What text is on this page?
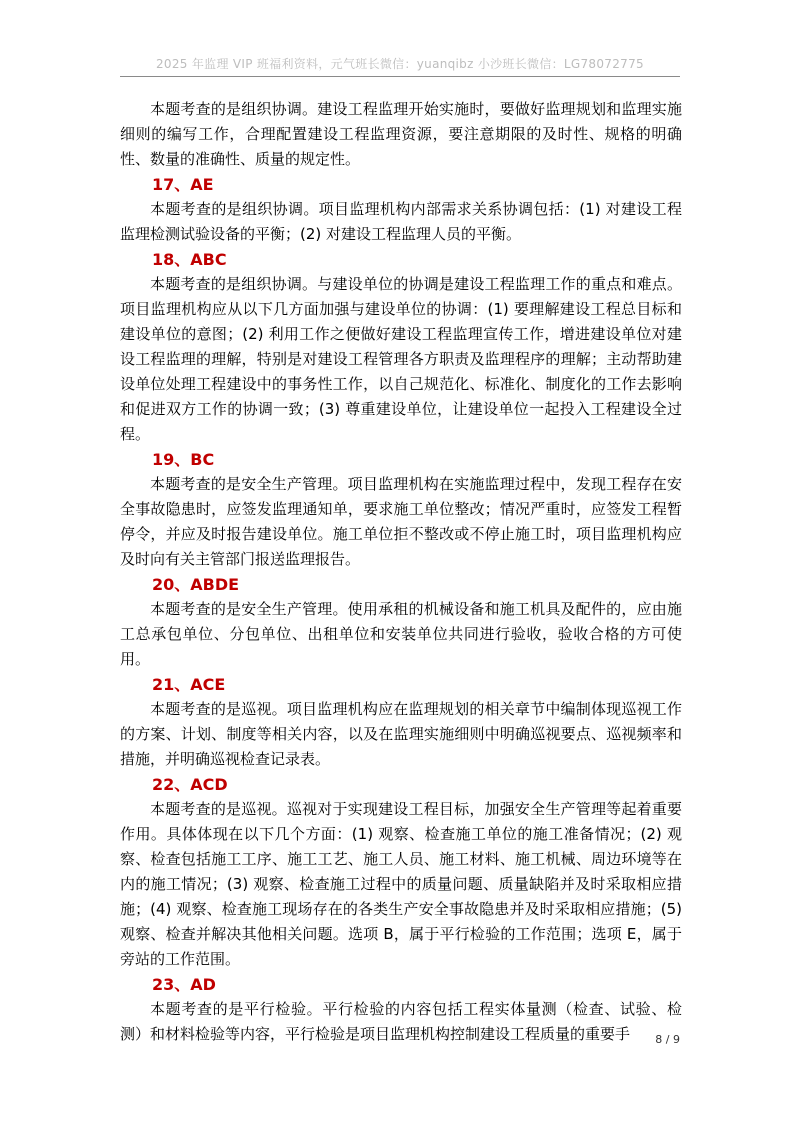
2025 年监理 VIP 班福利资料，元气班长微信：yuanqibz 小沙班长微信：LG78072775

本题考查的是组织协调。建设工程监理开始实施时，要做好监理规划和监理实施细则的编写工作，合理配置建设工程监理资源，要注意期限的及时性、规格的明确性、数量的准确性、质量的规定性。

17、AE

本题考查的是组织协调。项目监理机构内部需求关系协调包括：(1) 对建设工程监理检测试验设备的平衡；(2) 对建设工程监理人员的平衡。

18、ABC

本题考查的是组织协调。与建设单位的协调是建设工程监理工作的重点和难点。项目监理机构应从以下几方面加强与建设单位的协调：(1) 要理解建设工程总目标和建设单位的意图；(2) 利用工作之便做好建设工程监理宣传工作，增进建设单位对建设工程监理的理解，特别是对建设工程管理各方职责及监理程序的理解；主动帮助建设单位处理工程建设中的事务性工作，以自己规范化、标准化、制度化的工作去影响和促进双方工作的协调一致；(3) 尊重建设单位，让建设单位一起投入工程建设全过程。

19、BC

本题考查的是安全生产管理。项目监理机构在实施监理过程中，发现工程存在安全事故隐患时，应签发监理通知单，要求施工单位整改；情况严重时，应签发工程暂停令，并应及时报告建设单位。施工单位拒不整改或不停止施工时，项目监理机构应及时向有关主管部门报送监理报告。

20、ABDE

本题考查的是安全生产管理。使用承租的机械设备和施工机具及配件的，应由施工总承包单位、分包单位、出租单位和安装单位共同进行验收，验收合格的方可使用。

21、ACE

本题考查的是巡视。项目监理机构应在监理规划的相关章节中编制体现巡视工作的方案、计划、制度等相关内容，以及在监理实施细则中明确巡视要点、巡视频率和措施，并明确巡视检查记录表。

22、ACD

本题考查的是巡视。巡视对于实现建设工程目标，加强安全生产管理等起着重要作用。具体体现在以下几个方面：(1) 观察、检查施工单位的施工准备情况；(2) 观察、检查包括施工工序、施工工艺、施工人员、施工材料、施工机械、周边环境等在内的施工情况；(3) 观察、检查施工过程中的质量问题、质量缺陷并及时采取相应措施；(4) 观察、检查施工现场存在的各类生产安全事故隐患并及时采取相应措施；(5) 观察、检查并解决其他相关问题。选项 B，属于平行检验的工作范围；选项 E，属于旁站的工作范围。

23、AD

本题考查的是平行检验。平行检验的内容包括工程实体量测（检查、试验、检测）和材料检验等内容，平行检验是项目监理机构控制建设工程质量的重要手	8 / 9
